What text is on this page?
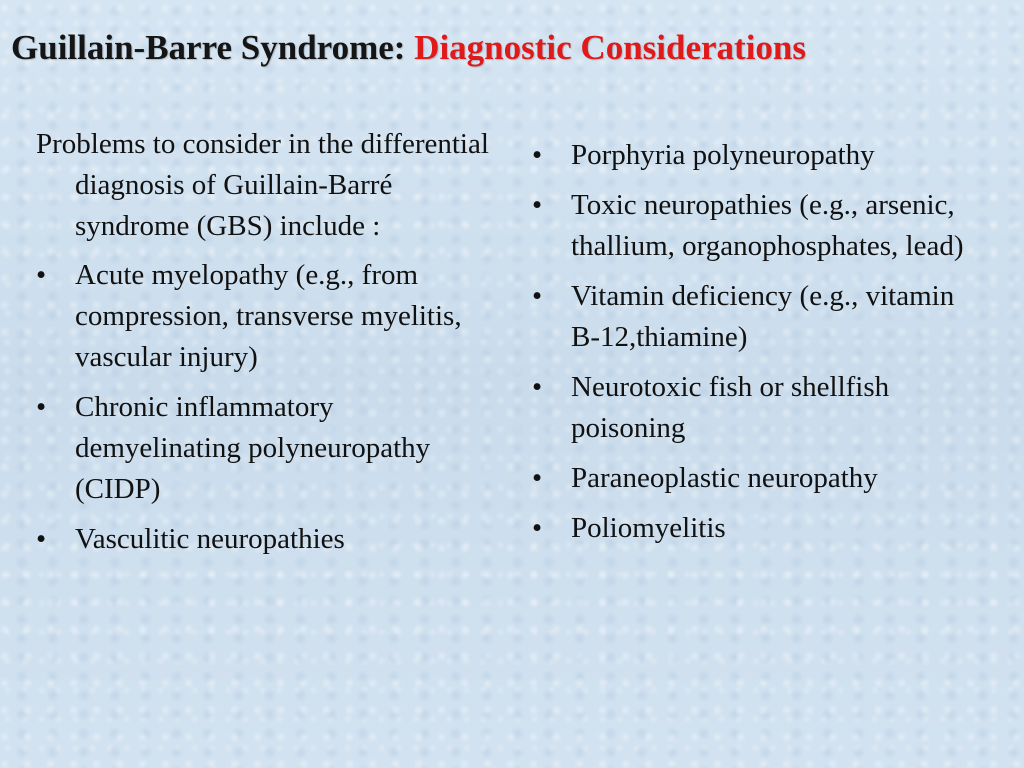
Guillain-Barre Syndrome: Diagnostic Considerations

Problems to consider in the differential diagnosis of Guillain-Barré syndrome (GBS) include :

• Acute myelopathy (e.g., from compression, transverse myelitis, vascular injury)
• Chronic inflammatory demyelinating polyneuropathy (CIDP)
• Vasculitic neuropathies
• Porphyria polyneuropathy
• Toxic neuropathies (e.g., arsenic, thallium, organophosphates, lead)
• Vitamin deficiency (e.g., vitamin B-12,thiamine)
• Neurotoxic fish or shellfish poisoning
• Paraneoplastic neuropathy
• Poliomyelitis
